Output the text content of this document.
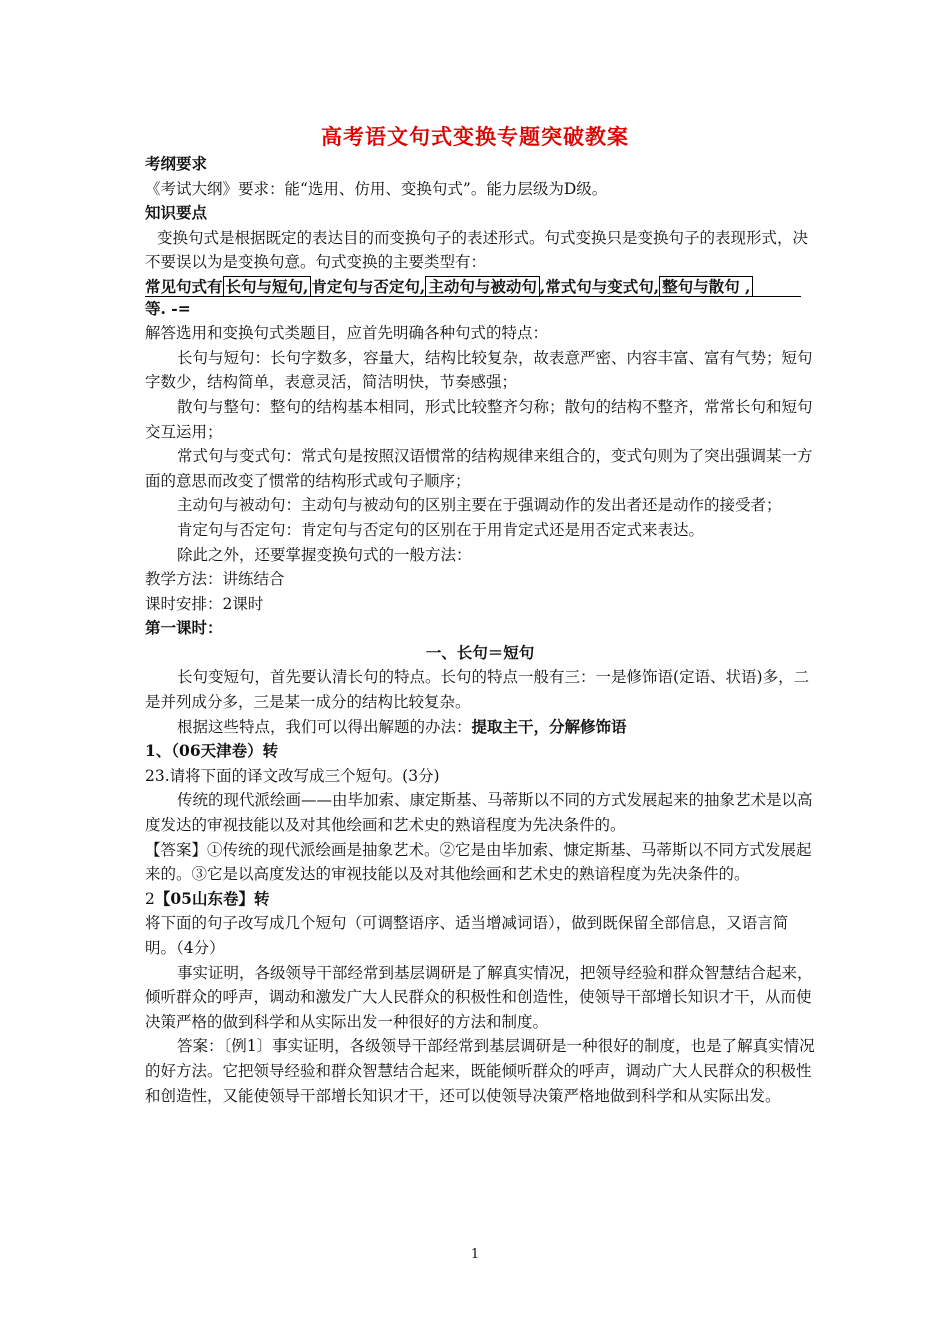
高考语文句式变换专题突破教案

考纲要求

《考试大纲》要求：能“选用、仿用、变换句式”。能力层级为D级。

知识要点

变换句式是根据既定的表达目的而变换句子的表述形式。句式变换只是变换句子的表现形式，决不要误以为是变换句意。句式变换的主要类型有：

常见句式有 长句与短句, 肯定句与否定句, 主动句与被动句 ,常式句与变式句, 整句与散句 ,

等. -=

解答选用和变换句式类题目，应首先明确各种句式的特点：

长句与短句：长句字数多，容量大，结构比较复杂，故表意严密、内容丰富、富有气势；短句字数少，结构简单，表意灵活，简洁明快，节奏感强；

散句与整句：整句的结构基本相同，形式比较整齐匀称；散句的结构不整齐，常常长句和短句交互运用；

常式句与变式句：常式句是按照汉语惯常的结构规律来组合的，变式句则为了突出强调某一方面的意思而改变了惯常的结构形式或句子顺序；

主动句与被动句：主动句与被动句的区别主要在于强调动作的发出者还是动作的接受者；

肯定句与否定句：肯定句与否定句的区别在于用肯定式还是用否定式来表达。

除此之外，还要掌握变换句式的一般方法：

教学方法：讲练结合

课时安排：2课时

第一课时：

一、长句＝短句

长句变短句，首先要认清长句的特点。长句的特点一般有三：一是修饰语(定语、状语)多，二是并列成分多，三是某一成分的结构比较复杂。

根据这些特点，我们可以得出解题的办法：提取主干，分解修饰语

1、（06天津卷）转

23.请将下面的译文改写成三个短句。(3分)

传统的现代派绘画——由毕加索、康定斯基、马蒂斯以不同的方式发展起来的抽象艺术是以高度发达的审视技能以及对其他绘画和艺术史的熟谙程度为先决条件的。

【答案】①传统的现代派绘画是抽象艺术。②它是由毕加索、慷定斯基、马蒂斯以不同方式发展起来的。③它是以高度发达的审视技能以及对其他绘画和艺术史的熟谙程度为先决条件的。

2【05山东卷】转

将下面的句子改写成几个短句（可调整语序、适当增减词语），做到既保留全部信息，又语言简明。（4分）

事实证明，各级领导干部经常到基层调研是了解真实情况，把领导经验和群众智慧结合起来，倾听群众的呼声，调动和激发广大人民群众的积极性和创造性，使领导干部增长知识才干，从而使决策严格的做到科学和从实际出发一种很好的方法和制度。

答案：〔例1〕事实证明，各级领导干部经常到基层调研是一种很好的制度，也是了解真实情况的好方法。它把领导经验和群众智慧结合起来，既能倾听群众的呼声，调动广大人民群众的积极性和创造性，又能使领导干部增长知识才干，还可以使领导决策严格地做到科学和从实际出发。

1
